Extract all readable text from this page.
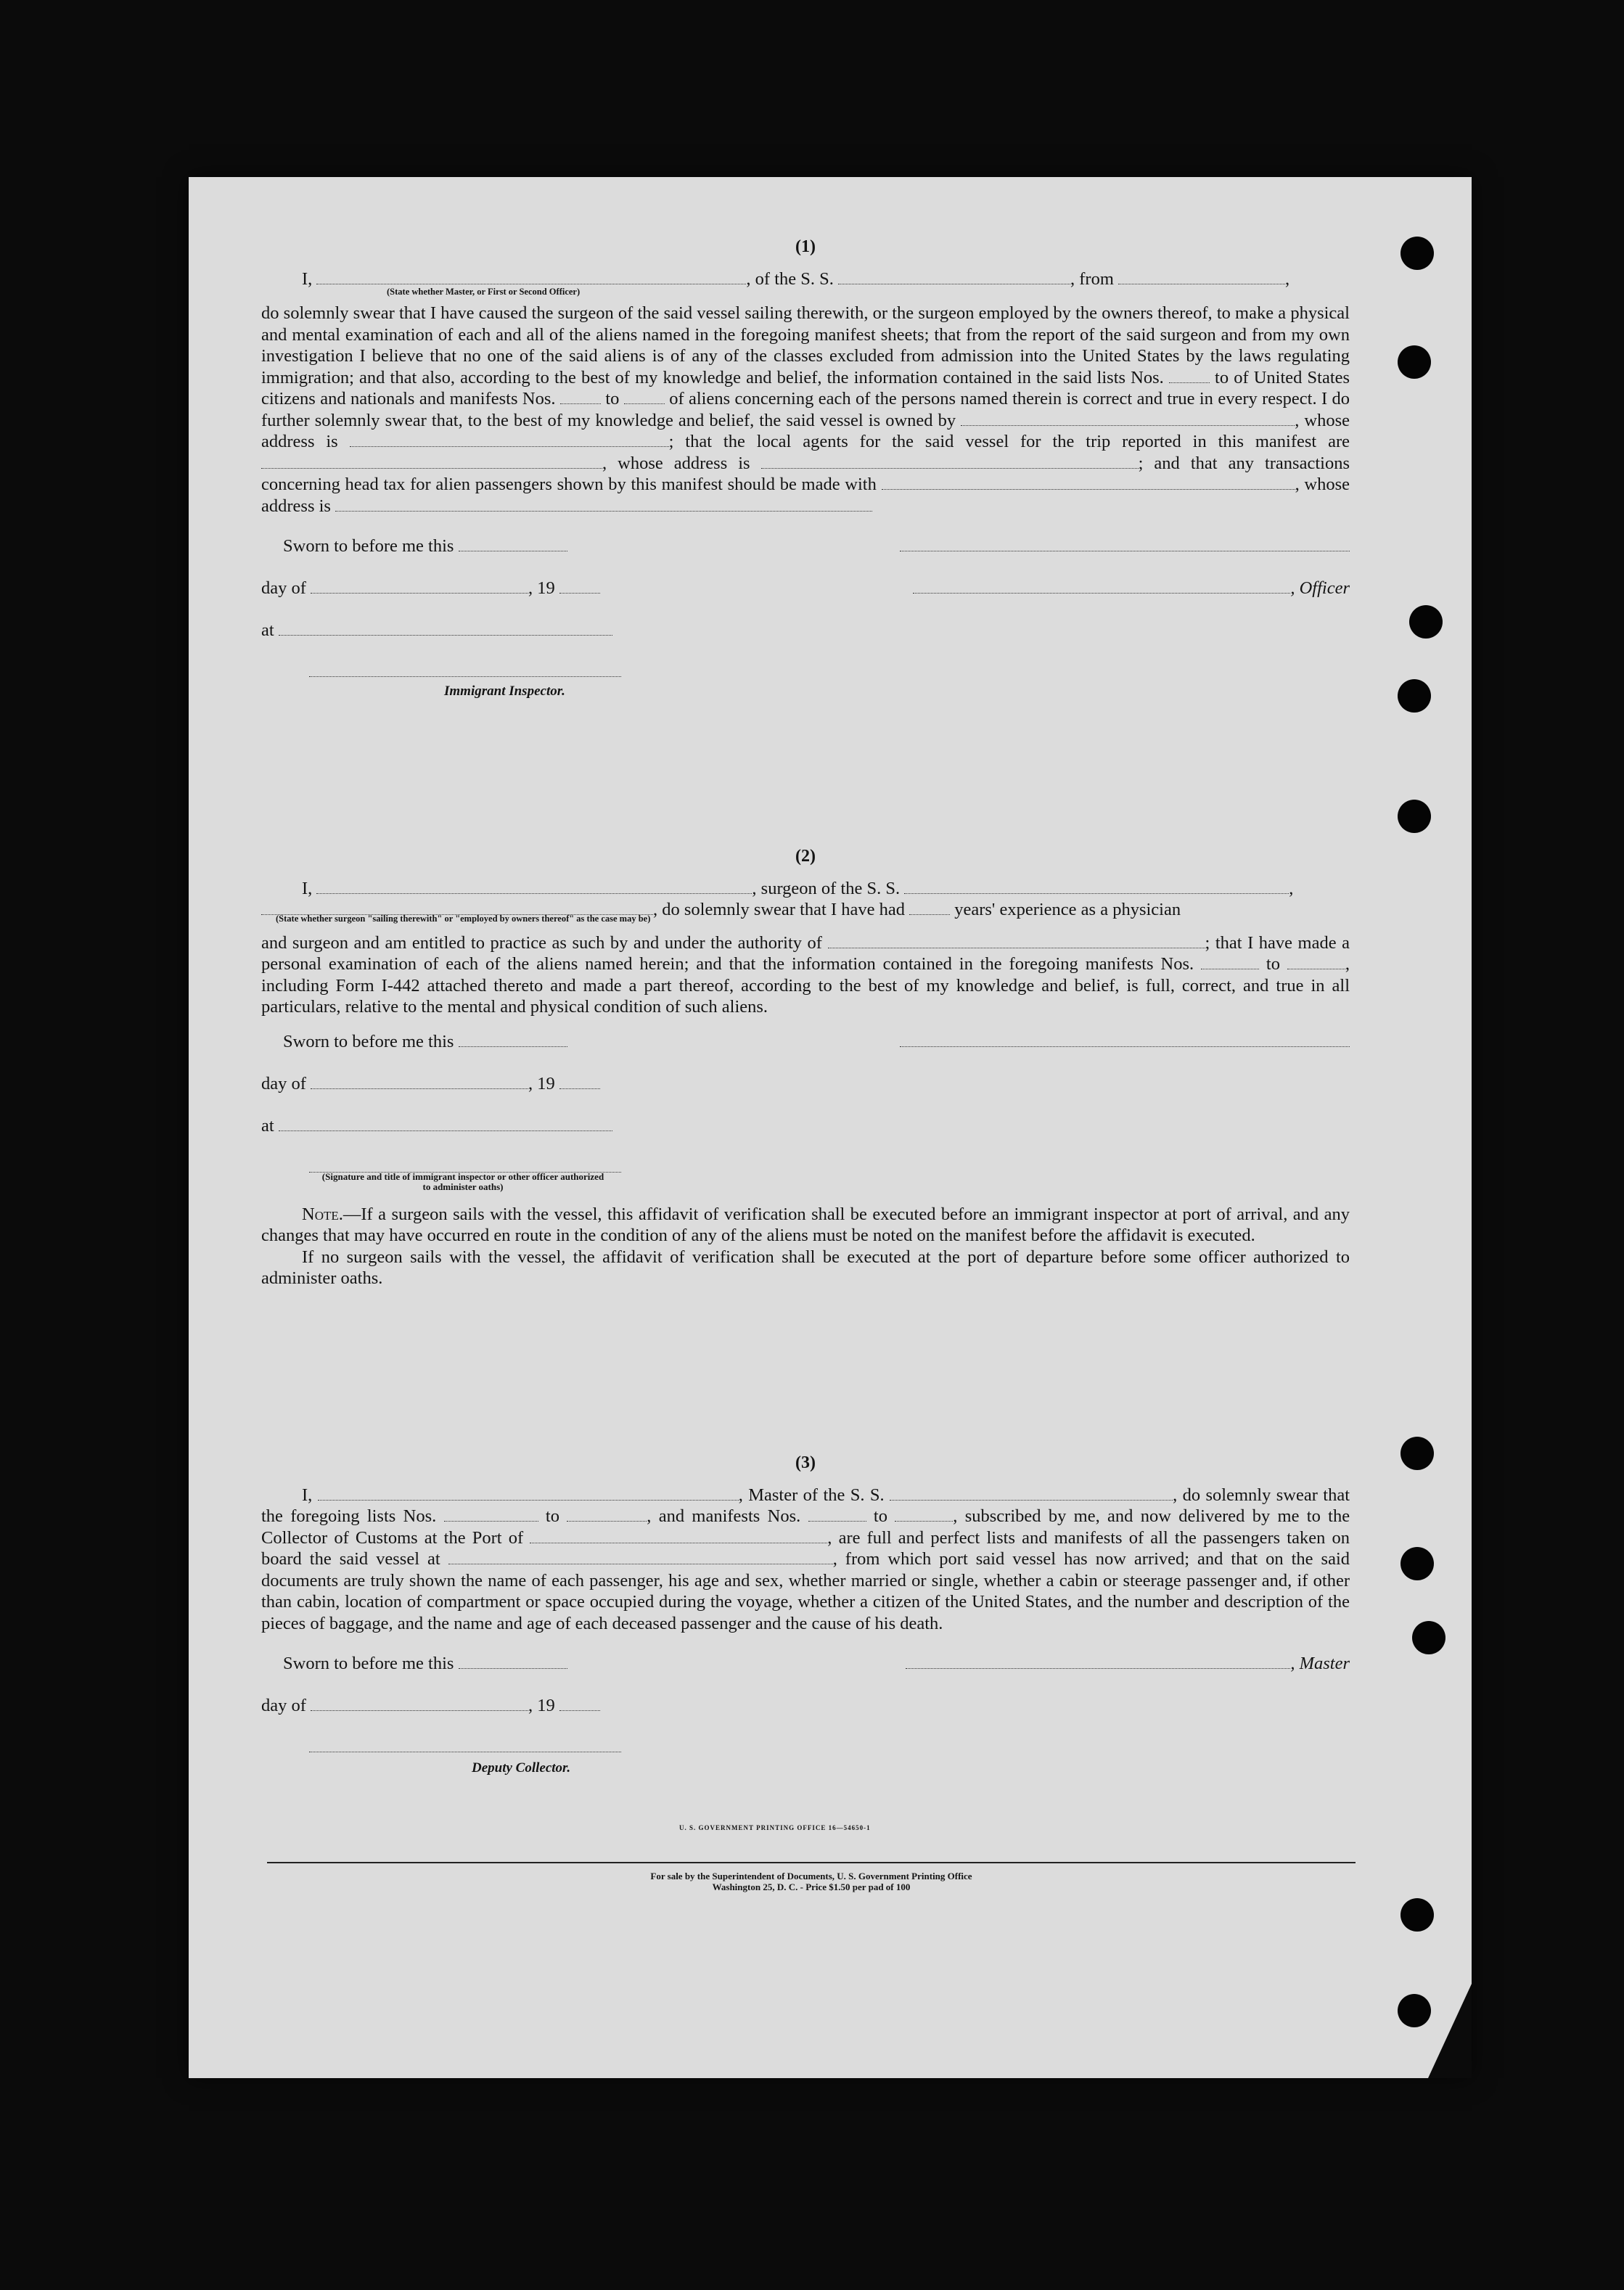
(1)
I,	, of the S. S.	, from	,
(State whether Master, or First or Second Officer)
do solemnly swear that I have caused the surgeon of the said vessel sailing therewith, or the surgeon employed by the owners thereof, to make a physical and mental examination of each and all of the aliens named in the foregoing manifest sheets; that from the report of the said surgeon and from my own investigation I believe that no one of the said aliens is of any of the classes excluded from admission into the United States by the laws regulating immigration; and that also, according to the best of my knowledge and belief, the information contained in the said lists Nos.	to of United States citizens and nationals and manifests Nos.	to	of aliens concerning each of the persons named therein is correct and true in every respect. I do further solemnly swear that, to the best of my knowledge and belief, the said vessel is owned by	, whose address is	; that the local agents for the said vessel for the trip reported in this manifest are , whose address is	; and that any transactions concerning head tax for alien passengers shown by this manifest should be made with	, whose address is
Sworn to before me this
day of	, 19	, Officer
at
Immigrant Inspector.
(2)
I,	, surgeon of the S. S.	,
, do solemnly swear that I have had	years' experience as a physician
(State whether surgeon "sailing therewith" or "employed by owners thereof" as the case may be)
and surgeon and am entitled to practice as such by and under the authority of	; that I have made a personal examination of each of the aliens named herein; and that the information contained in the foregoing manifests Nos.	to	, including Form I-442 attached thereto and made a part thereof, according to the best of my knowledge and belief, is full, correct, and true in all particulars, relative to the mental and physical condition of such aliens.
Sworn to before me this
day of	, 19
at
(Signature and title of immigrant inspector or other officer authorized to administer oaths)
Note.—If a surgeon sails with the vessel, this affidavit of verification shall be executed before an immigrant inspector at port of arrival, and any changes that may have occurred en route in the condition of any of the aliens must be noted on the manifest before the affidavit is executed.
If no surgeon sails with the vessel, the affidavit of verification shall be executed at the port of departure before some officer authorized to administer oaths.
(3)
I,	, Master of the S. S.	, do solemnly swear that the foregoing lists Nos.	to	, and manifests Nos.	to	, subscribed by me, and now delivered by me to the Collector of Customs at the Port of	, are full and perfect lists and manifests of all the passengers taken on board the said vessel at	, from which port said vessel has now arrived; and that on the said documents are truly shown the name of each passenger, his age and sex, whether married or single, whether a cabin or steerage passenger and, if other than cabin, location of compartment or space occupied during the voyage, whether a citizen of the United States, and the number and description of the pieces of baggage, and the name and age of each deceased passenger and the cause of his death.
Sworn to before me this	, Master
day of	, 19
Deputy Collector.
U. S. GOVERNMENT PRINTING OFFICE 16—54650-1
For sale by the Superintendent of Documents, U. S. Government Printing Office
Washington 25, D. C. - Price $1.50 per pad of 100
